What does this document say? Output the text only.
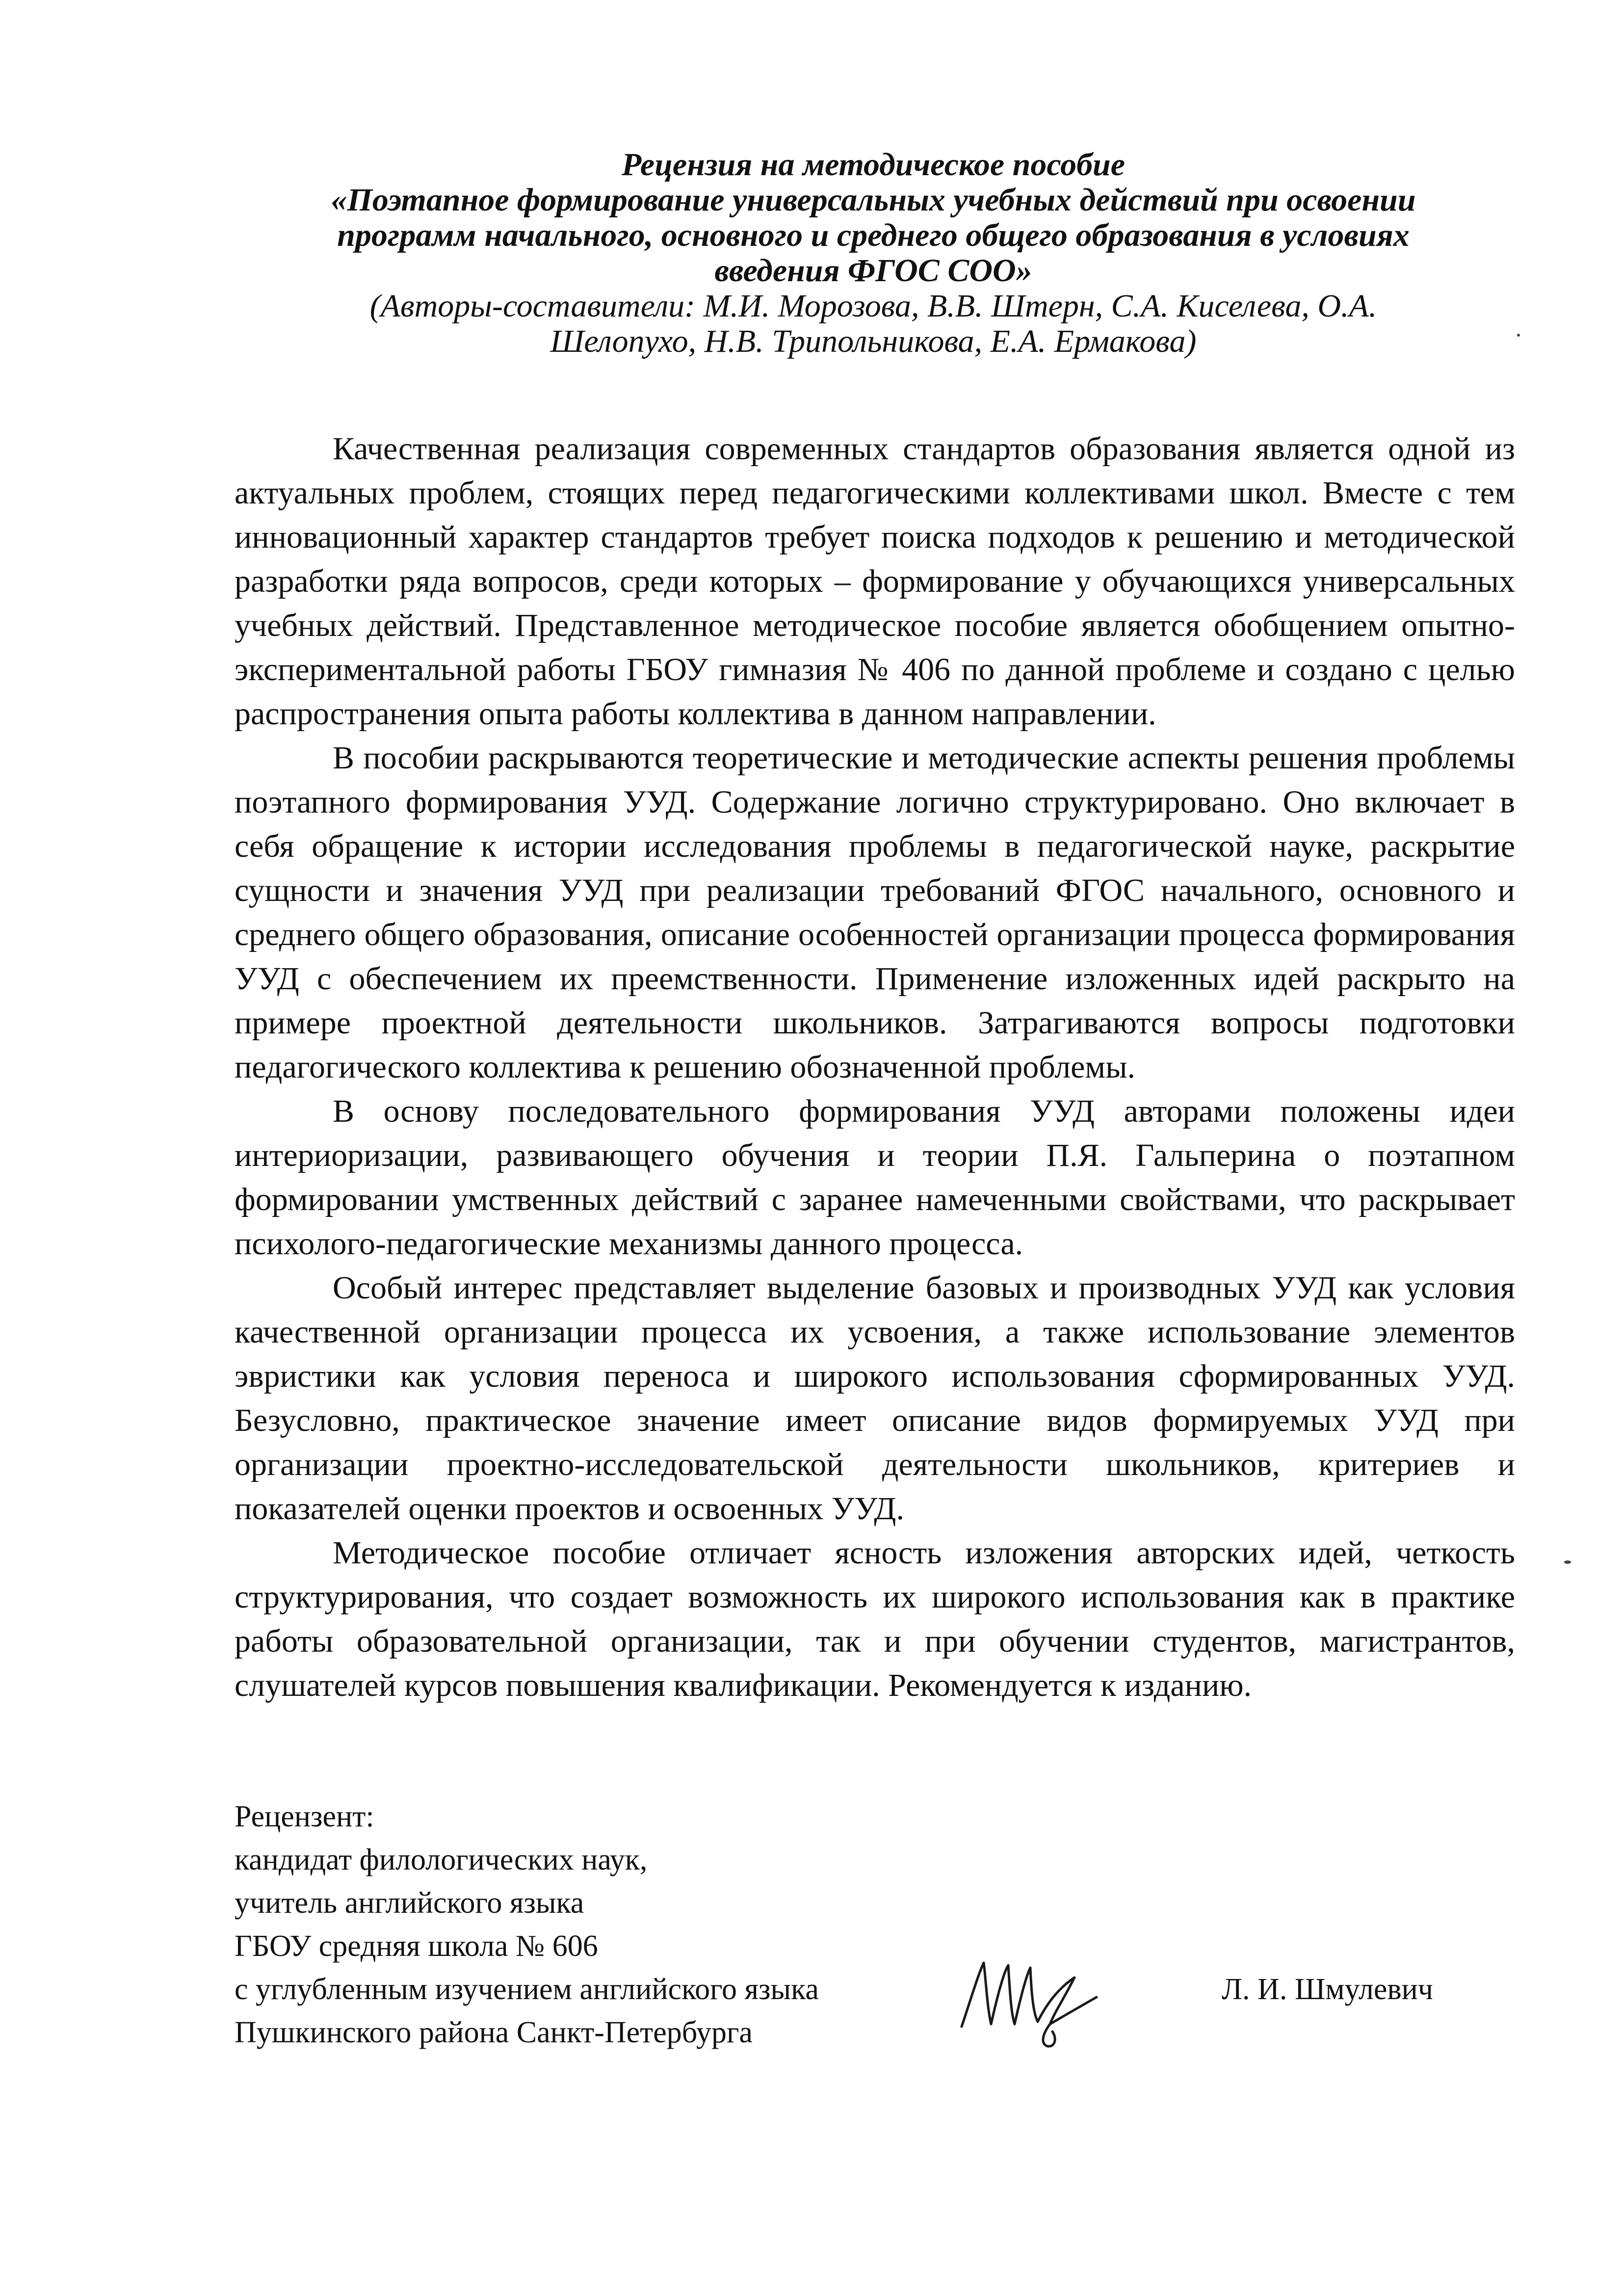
Рецензия на методическое пособие
«Поэтапное формирование универсальных учебных действий при освоении
программ начального, основного и среднего общего образования в условиях
введения ФГОС СОО»
(Авторы-составители: М.И. Морозова, В.В. Штерн, С.А. Киселева, О.А.
Шелопухо, Н.В. Трипольникова, Е.А. Ермакова)

Качественная реализация современных стандартов образования является одной из актуальных проблем, стоящих перед педагогическими коллективами школ. Вместе с тем инновационный характер стандартов требует поиска подходов к решению и методической разработки ряда вопросов, среди которых – формирование у обучающихся универсальных учебных действий. Представленное методическое пособие является обобщением опытно-экспериментальной работы ГБОУ гимназия № 406 по данной проблеме и создано с целью распространения опыта работы коллектива в данном направлении.

В пособии раскрываются теоретические и методические аспекты решения проблемы поэтапного формирования УУД. Содержание логично структурировано. Оно включает в себя обращение к истории исследования проблемы в педагогической науке, раскрытие сущности и значения УУД при реализации требований ФГОС начального, основного и среднего общего образования, описание особенностей организации процесса формирования УУД с обеспечением их преемственности. Применение изложенных идей раскрыто на примере проектной деятельности школьников. Затрагиваются вопросы подготовки педагогического коллектива к решению обозначенной проблемы.

В основу последовательного формирования УУД авторами положены идеи интериоризации, развивающего обучения и теории П.Я. Гальперина о поэтапном формировании умственных действий с заранее намеченными свойствами, что раскрывает психолого-педагогические механизмы данного процесса.

Особый интерес представляет выделение базовых и производных УУД как условия качественной организации процесса их усвоения, а также использование элементов эвристики как условия переноса и широкого использования сформированных УУД. Безусловно, практическое значение имеет описание видов формируемых УУД при организации проектно-исследовательской деятельности школьников, критериев и показателей оценки проектов и освоенных УУД.

Методическое пособие отличает ясность изложения авторских идей, четкость структурирования, что создает возможность их широкого использования как в практике работы образовательной организации, так и при обучении студентов, магистрантов, слушателей курсов повышения квалификации. Рекомендуется к изданию.

Рецензент:
кандидат филологических наук,
учитель английского языка
ГБОУ средняя школа № 606
с углубленным изучением английского языка
Пушкинского района Санкт-Петербурга
Л. И. Шмулевич
